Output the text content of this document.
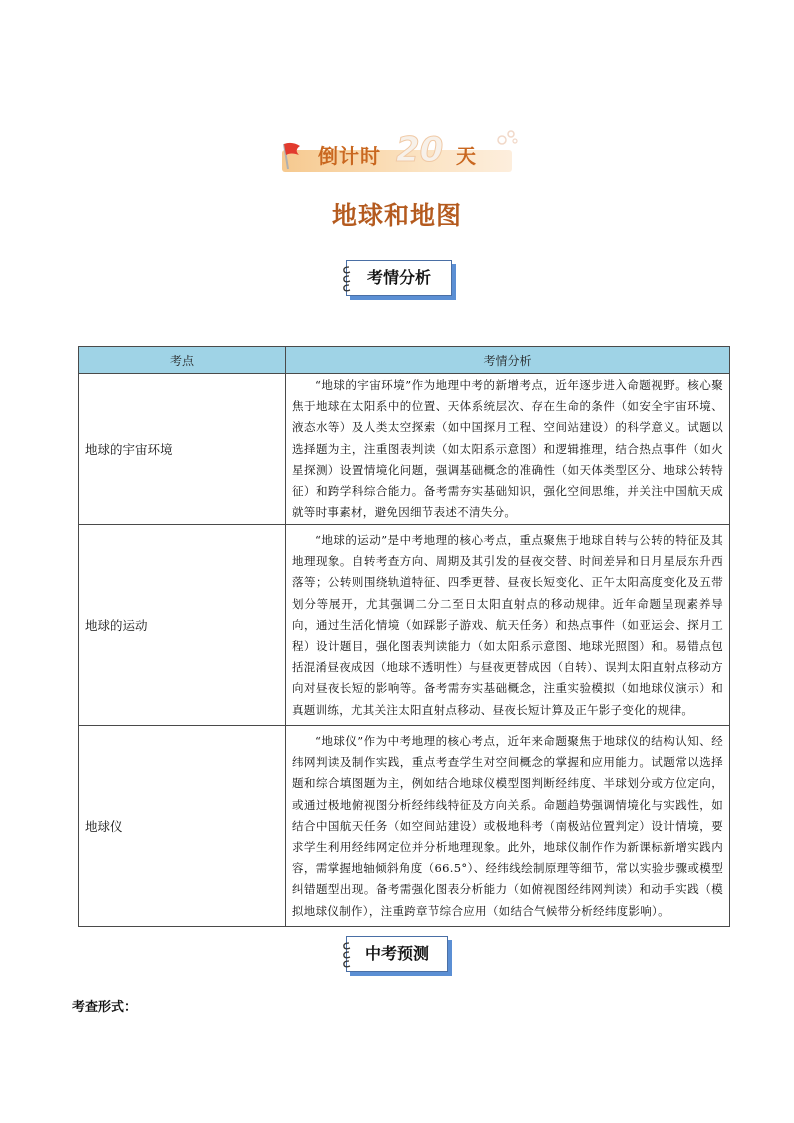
倒计时 20 天
地球和地图
考情分析
考点	考情分析
地球的宇宙环境	“地球的宇宙环境”作为地理中考的新增考点，近年逐步进入命题视野。核心聚焦于地球在太阳系中的位置、天体系统层次、存在生命的条件（如安全宇宙环境、液态水等）及人类太空探索（如中国探月工程、空间站建设）的科学意义。试题以选择题为主，注重图表判读（如太阳系示意图）和逻辑推理，结合热点事件（如火星探测）设置情境化问题，强调基础概念的准确性（如天体类型区分、地球公转特征）和跨学科综合能力。备考需夯实基础知识，强化空间思维，并关注中国航天成就等时事素材，避免因细节表述不清失分。
地球的运动	“地球的运动”是中考地理的核心考点，重点聚焦于地球自转与公转的特征及其地理现象。自转考查方向、周期及其引发的昼夜交替、时间差异和日月星辰东升西落等；公转则围绕轨道特征、四季更替、昼夜长短变化、正午太阳高度变化及五带划分等展开，尤其强调二分二至日太阳直射点的移动规律。近年命题呈现素养导向，通过生活化情境（如踩影子游戏、航天任务）和热点事件（如亚运会、探月工程）设计题目，强化图表判读能力（如太阳系示意图、地球光照图）和。易错点包括混淆昼夜成因（地球不透明性）与昼夜更替成因（自转）、误判太阳直射点移动方向对昼夜长短的影响等。备考需夯实基础概念，注重实验模拟（如地球仪演示）和真题训练，尤其关注太阳直射点移动、昼夜长短计算及正午影子变化的规律。
地球仪	“地球仪”作为中考地理的核心考点，近年来命题聚焦于地球仪的结构认知、经纬网判读及制作实践，重点考查学生对空间概念的掌握和应用能力。试题常以选择题和综合填图题为主，例如结合地球仪模型图判断经纬度、半球划分或方位定向，或通过极地俯视图分析经纬线特征及方向关系。命题趋势强调情境化与实践性，如结合中国航天任务（如空间站建设）或极地科考（南极站位置判定）设计情境，要求学生利用经纬网定位并分析地理现象。此外，地球仪制作作为新课标新增实践内容，需掌握地轴倾斜角度（66.5°）、经纬线绘制原理等细节，常以实验步骤或模型纠错题型出现。备考需强化图表分析能力（如俯视图经纬网判读）和动手实践（模拟地球仪制作），注重跨章节综合应用（如结合气候带分析经纬度影响）。
中考预测
考查形式：
